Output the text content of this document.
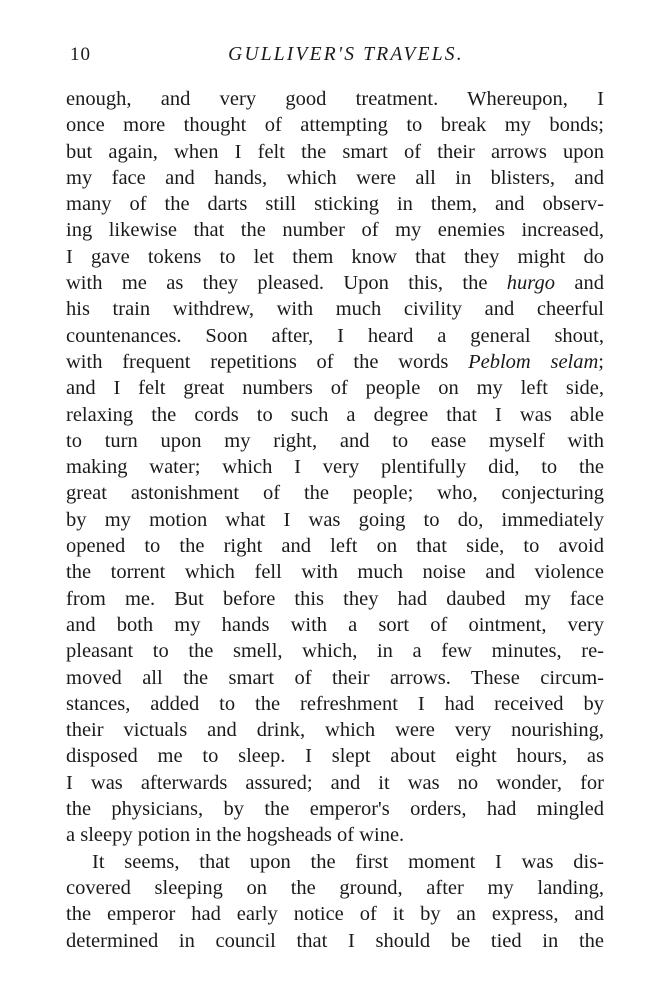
10	GULLIVER'S TRAVELS.
enough, and very good treatment. Whereupon, I
once more thought of attempting to break my bonds;
but again, when I felt the smart of their arrows upon
my face and hands, which were all in blisters, and
many of the darts still sticking in them, and observ-
ing likewise that the number of my enemies increased,
I gave tokens to let them know that they might do
with me as they pleased. Upon this, the hurgo and
his train withdrew, with much civility and cheerful
countenances. Soon after, I heard a general shout,
with frequent repetitions of the words Peblom selam;
and I felt great numbers of people on my left side,
relaxing the cords to such a degree that I was able
to turn upon my right, and to ease myself with
making water; which I very plentifully did, to the
great astonishment of the people; who, conjecturing
by my motion what I was going to do, immediately
opened to the right and left on that side, to avoid
the torrent which fell with much noise and violence
from me. But before this they had daubed my face
and both my hands with a sort of ointment, very
pleasant to the smell, which, in a few minutes, re-
moved all the smart of their arrows. These circum-
stances, added to the refreshment I had received by
their victuals and drink, which were very nourishing,
disposed me to sleep. I slept about eight hours, as
I was afterwards assured; and it was no wonder, for
the physicians, by the emperor's orders, had mingled
a sleepy potion in the hogsheads of wine.
It seems, that upon the first moment I was dis-
covered sleeping on the ground, after my landing,
the emperor had early notice of it by an express, and
determined in council that I should be tied in the
